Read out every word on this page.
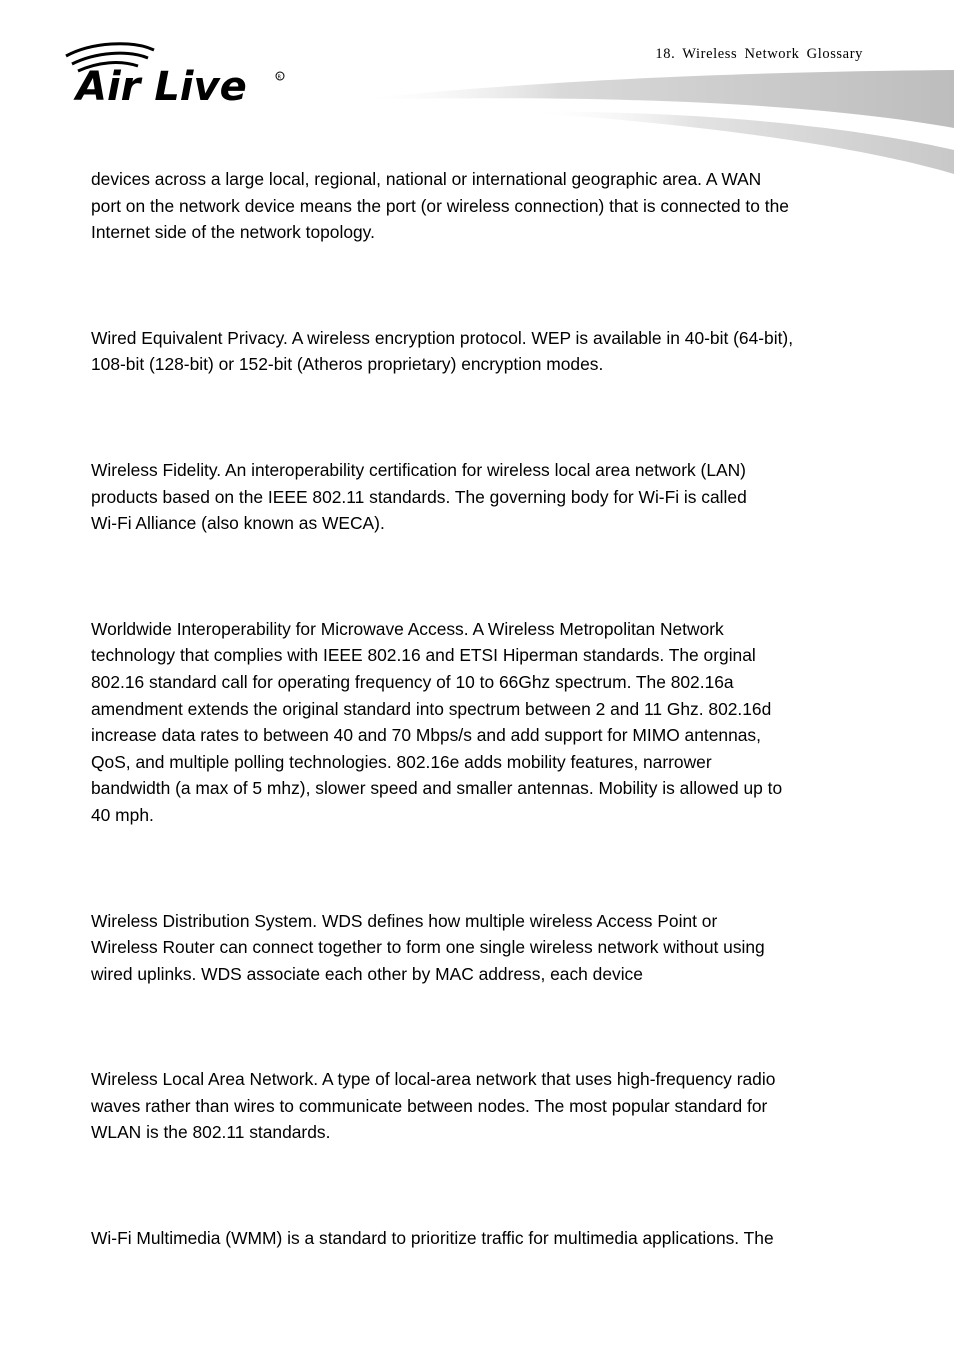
Air Live	R
18. Wireless Network Glossary

devices across a large local, regional, national or international geographic area. A WAN
port on the network device means the port (or wireless connection) that is connected to the
Internet side of the network topology.

Wired Equivalent Privacy. A wireless encryption protocol. WEP is available in 40-bit (64-bit),
108-bit (128-bit) or 152-bit (Atheros proprietary) encryption modes.

Wireless Fidelity. An interoperability certification for wireless local area network (LAN)
products based on the IEEE 802.11 standards. The governing body for Wi-Fi is called
Wi-Fi Alliance (also known as WECA).

Worldwide Interoperability for Microwave Access. A Wireless Metropolitan Network
technology that complies with IEEE 802.16 and ETSI Hiperman standards. The orginal
802.16 standard call for operating frequency of 10 to 66Ghz spectrum. The 802.16a
amendment extends the original standard into spectrum between 2 and 11 Ghz. 802.16d
increase data rates to between 40 and 70 Mbps/s and add support for MIMO antennas,
QoS, and multiple polling technologies. 802.16e adds mobility features, narrower
bandwidth (a max of 5 mhz), slower speed and smaller antennas. Mobility is allowed up to
40 mph.

Wireless Distribution System. WDS defines how multiple wireless Access Point or
Wireless Router can connect together to form one single wireless network without using
wired uplinks. WDS associate each other by MAC address, each device

Wireless Local Area Network. A type of local-area network that uses high-frequency radio
waves rather than wires to communicate between nodes. The most popular standard for
WLAN is the 802.11 standards.

Wi-Fi Multimedia (WMM) is a standard to prioritize traffic for multimedia applications. The
